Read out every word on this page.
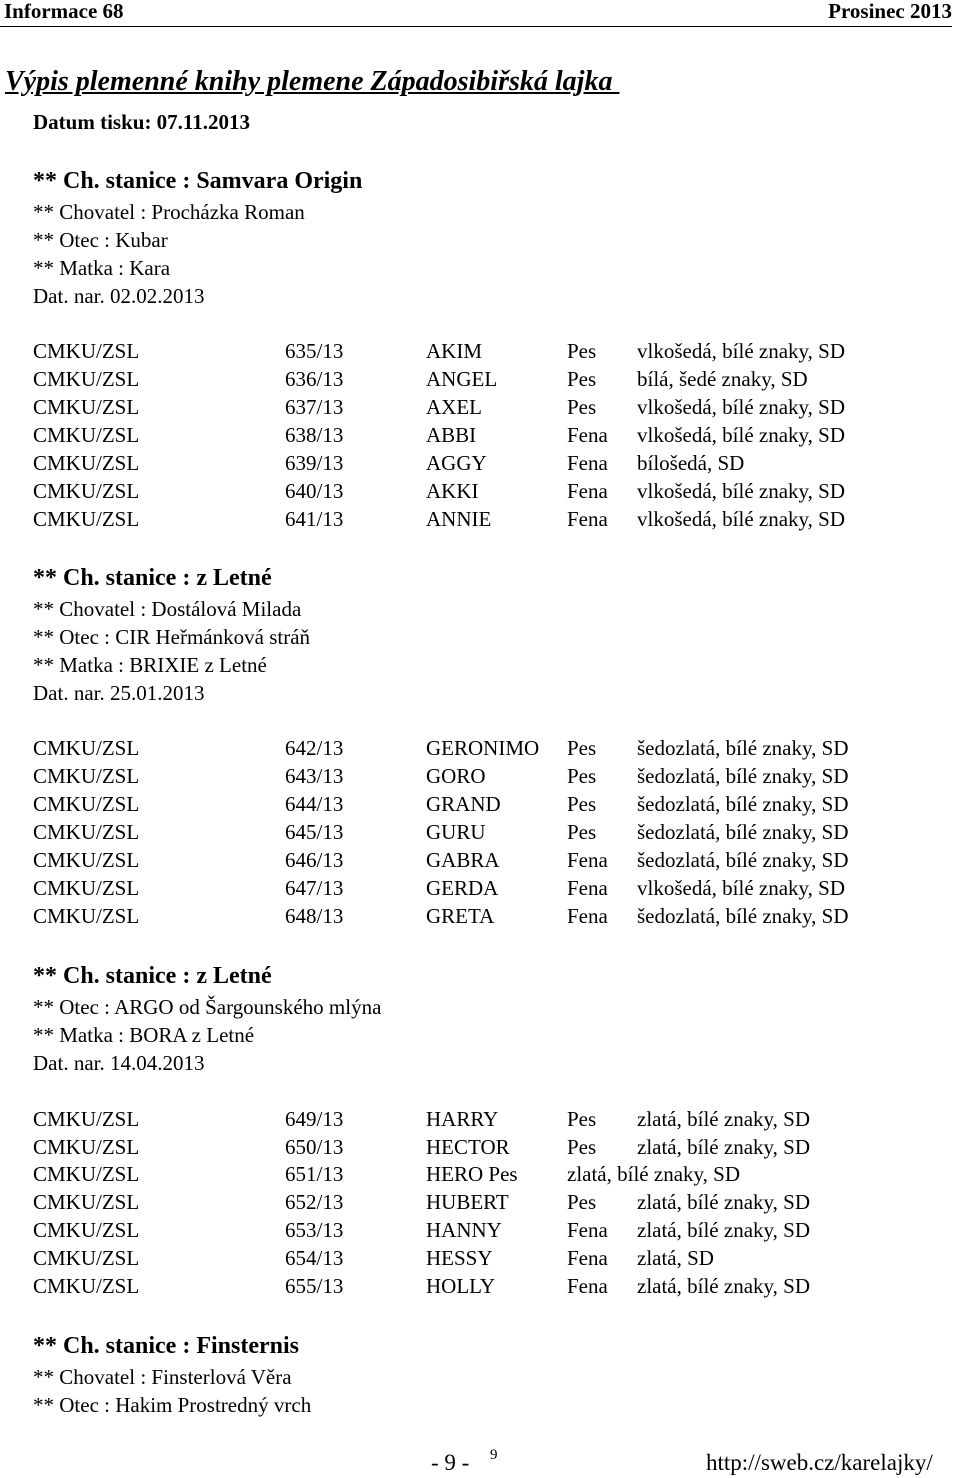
Informace 68	Prosinec 2013
Výpis plemenné knihy plemene Západosibiřská lajka
Datum tisku: 07.11.2013
** Ch. stanice : Samvara Origin
** Chovatel : Procházka Roman
** Otec : Kubar
** Matka : Kara
Dat. nar. 02.02.2013
CMKU/ZSL	635/13	AKIM	Pes vlkošedá, bílé znaky, SD
CMKU/ZSL	636/13	ANGEL	Pes bílá, šedé znaky, SD
CMKU/ZSL	637/13	AXEL	Pes vlkošedá, bílé znaky, SD
CMKU/ZSL	638/13	ABBI	Fena vlkošedá, bílé znaky, SD
CMKU/ZSL	639/13	AGGY	Fena bílošedá, SD
CMKU/ZSL	640/13	AKKI	Fena vlkošedá, bílé znaky, SD
CMKU/ZSL	641/13	ANNIE	Fena vlkošedá, bílé znaky, SD
** Ch. stanice : z Letné
** Chovatel : Dostálová Milada
** Otec : CIR Heřmánková stráň
** Matka : BRIXIE z Letné
Dat. nar. 25.01.2013
CMKU/ZSL	642/13	GERONIMO Pes šedozlatá, bílé znaky, SD
CMKU/ZSL	643/13	GORO	Pes šedozlatá, bílé znaky, SD
CMKU/ZSL	644/13	GRAND	Pes šedozlatá, bílé znaky, SD
CMKU/ZSL	645/13	GURU	Pes šedozlatá, bílé znaky, SD
CMKU/ZSL	646/13	GABRA	Fena šedozlatá, bílé znaky, SD
CMKU/ZSL	647/13	GERDA	Fena vlkošedá, bílé znaky, SD
CMKU/ZSL	648/13	GRETA	Fena šedozlatá, bílé znaky, SD
** Ch. stanice : z Letné
** Otec : ARGO od Šargounského mlýna
** Matka : BORA z Letné
Dat. nar. 14.04.2013
CMKU/ZSL	649/13	HARRY	Pes zlatá, bílé znaky, SD
CMKU/ZSL	650/13	HECTOR	Pes zlatá, bílé znaky, SD
CMKU/ZSL	651/13	HERO Pes zlatá, bílé znaky, SD
CMKU/ZSL	652/13	HUBERT	Pes zlatá, bílé znaky, SD
CMKU/ZSL	653/13	HANNY	Fena zlatá, bílé znaky, SD
CMKU/ZSL	654/13	HESSY	Fena zlatá, SD
CMKU/ZSL	655/13	HOLLY	Fena zlatá, bílé znaky, SD
** Ch. stanice : Finsternis
** Chovatel : Finsterlová Věra
** Otec : Hakim Prostredný vrch
- 9 - 9	http://sweb.cz/karelajky/
